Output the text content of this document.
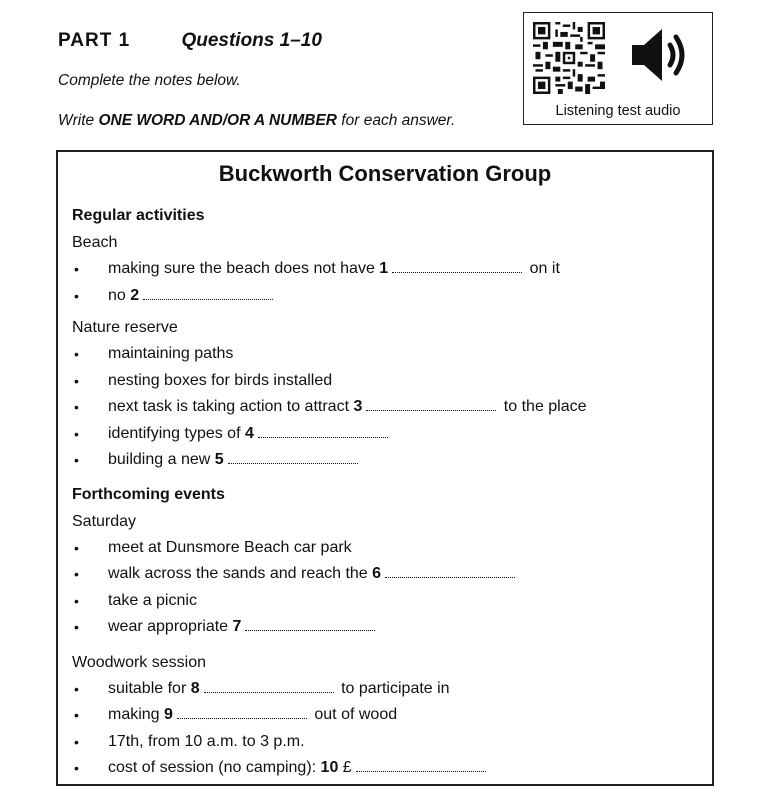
PART 1	Questions 1–10
Complete the notes below.
Write ONE WORD AND/OR A NUMBER for each answer.
Listening test audio
Buckworth Conservation Group
Regular activities
Beach
• making sure the beach does not have 1	on it
• no 2
Nature reserve
• maintaining paths
• nesting boxes for birds installed
• next task is taking action to attract 3	to the place
• identifying types of 4
• building a new 5
Forthcoming events
Saturday
• meet at Dunsmore Beach car park
• walk across the sands and reach the 6
• take a picnic
• wear appropriate 7
Woodwork session
• suitable for 8	to participate in
• making 9	out of wood
• 17th, from 10 a.m. to 3 p.m.
• cost of session (no camping): 10 £
